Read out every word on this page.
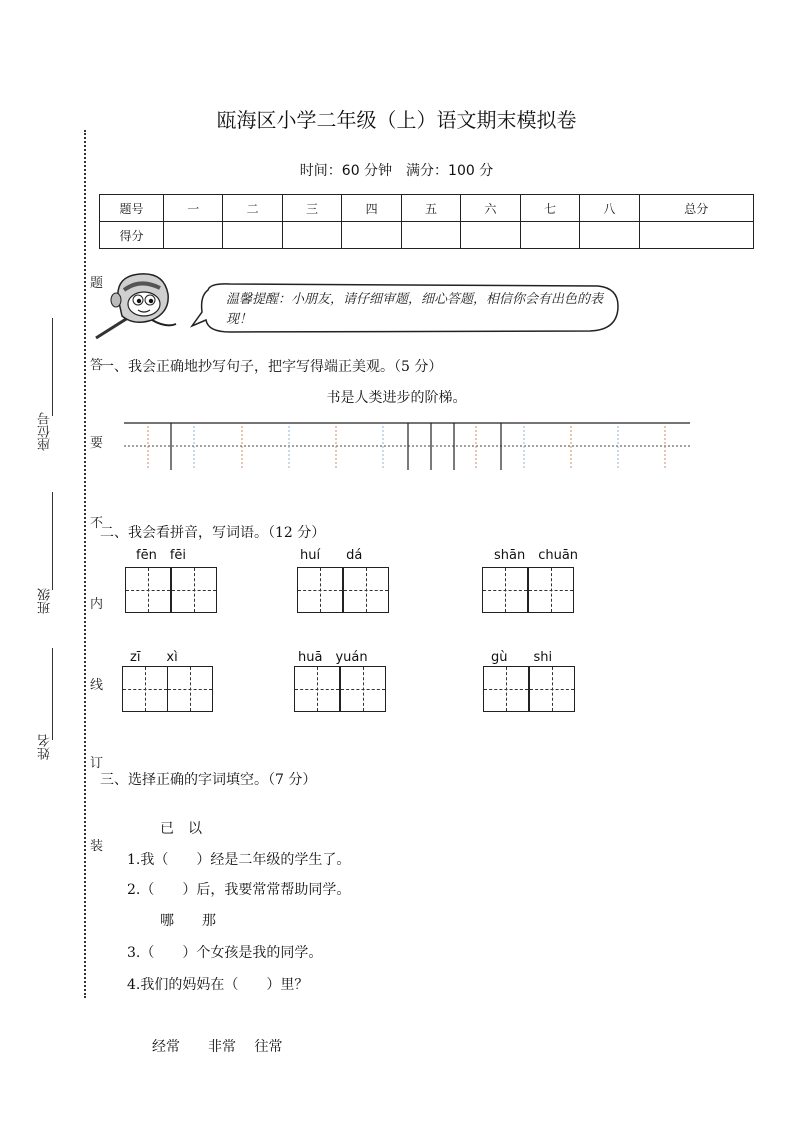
瓯海区小学二年级（上）语文期末模拟卷
时间：60 分钟　满分：100 分
题号	一	二	三	四	五	六	七	八	总分
得分									
题
答
要
不
内
线
订
装
座位号
班级
姓名
温馨提醒：小朋友，请仔细审题，细心答题，相信你会有出色的表现！
一、我会正确地抄写句子，把字写得端正美观。（5 分）
书是人类进步的阶梯。
二、我会看拼音，写词语。（12 分）
fēn　fēi	huí　　dá	shān　chuān
zī　　xì	huā　yuán	gù　　shi
三、选择正确的字词填空。（7 分）
已　以
1.我（　　）经是二年级的学生了。
2.（　　）后，我要常常帮助同学。
哪　　那
3.（　　）个女孩是我的同学。
4.我们的妈妈在（　　）里？
经常　　非常　 往常
